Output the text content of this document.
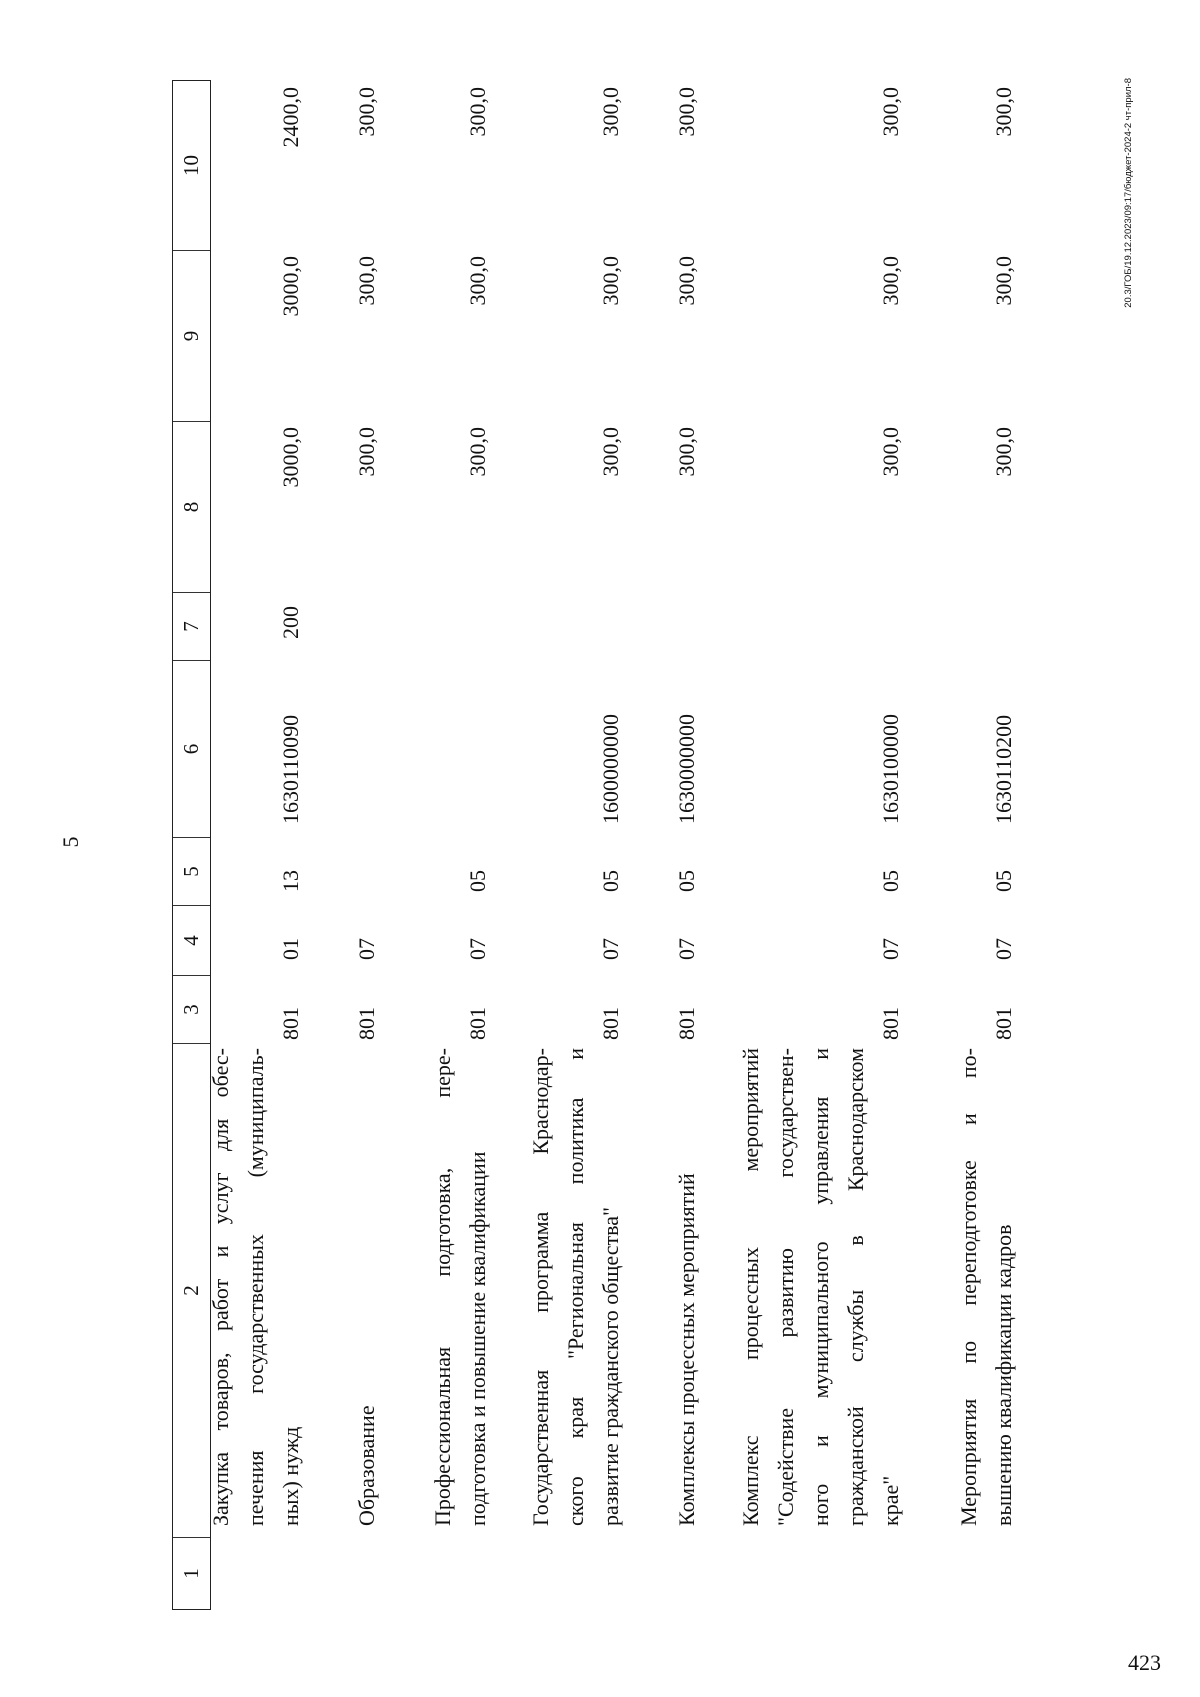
5
1
2
3
4
5
6
7
8
9
10
Закупка товаров, работ и услуг для обес- печения государственных (муниципаль- ных) нужд
801
01
13
1630110090
200
3000,0
3000,0
2400,0
Образование
801
07
300,0
300,0
300,0
Профессиональная подготовка, пере- подготовка и повышение квалификации
801
07
05
300,0
300,0
300,0
Государственная программа Краснодар- ского края "Региональная политика и развитие гражданского общества"
801
07
05
1600000000
300,0
300,0
300,0
Комплексы процессных мероприятий
801
07
05
1630000000
300,0
300,0
300,0
Комплекс процессных мероприятий "Содействие развитию государствен- ного и муниципального управления и гражданской службы в Краснодарском крае"
801
07
05
1630100000
300,0
300,0
300,0
Мероприятия по переподготовке и по- вышению квалификации кадров
801
07
05
1630110200
300,0
300,0
300,0	20.3/ГОБ/19.12.2023/09:17/бюджет-2024-2 чт-прил-8
423
